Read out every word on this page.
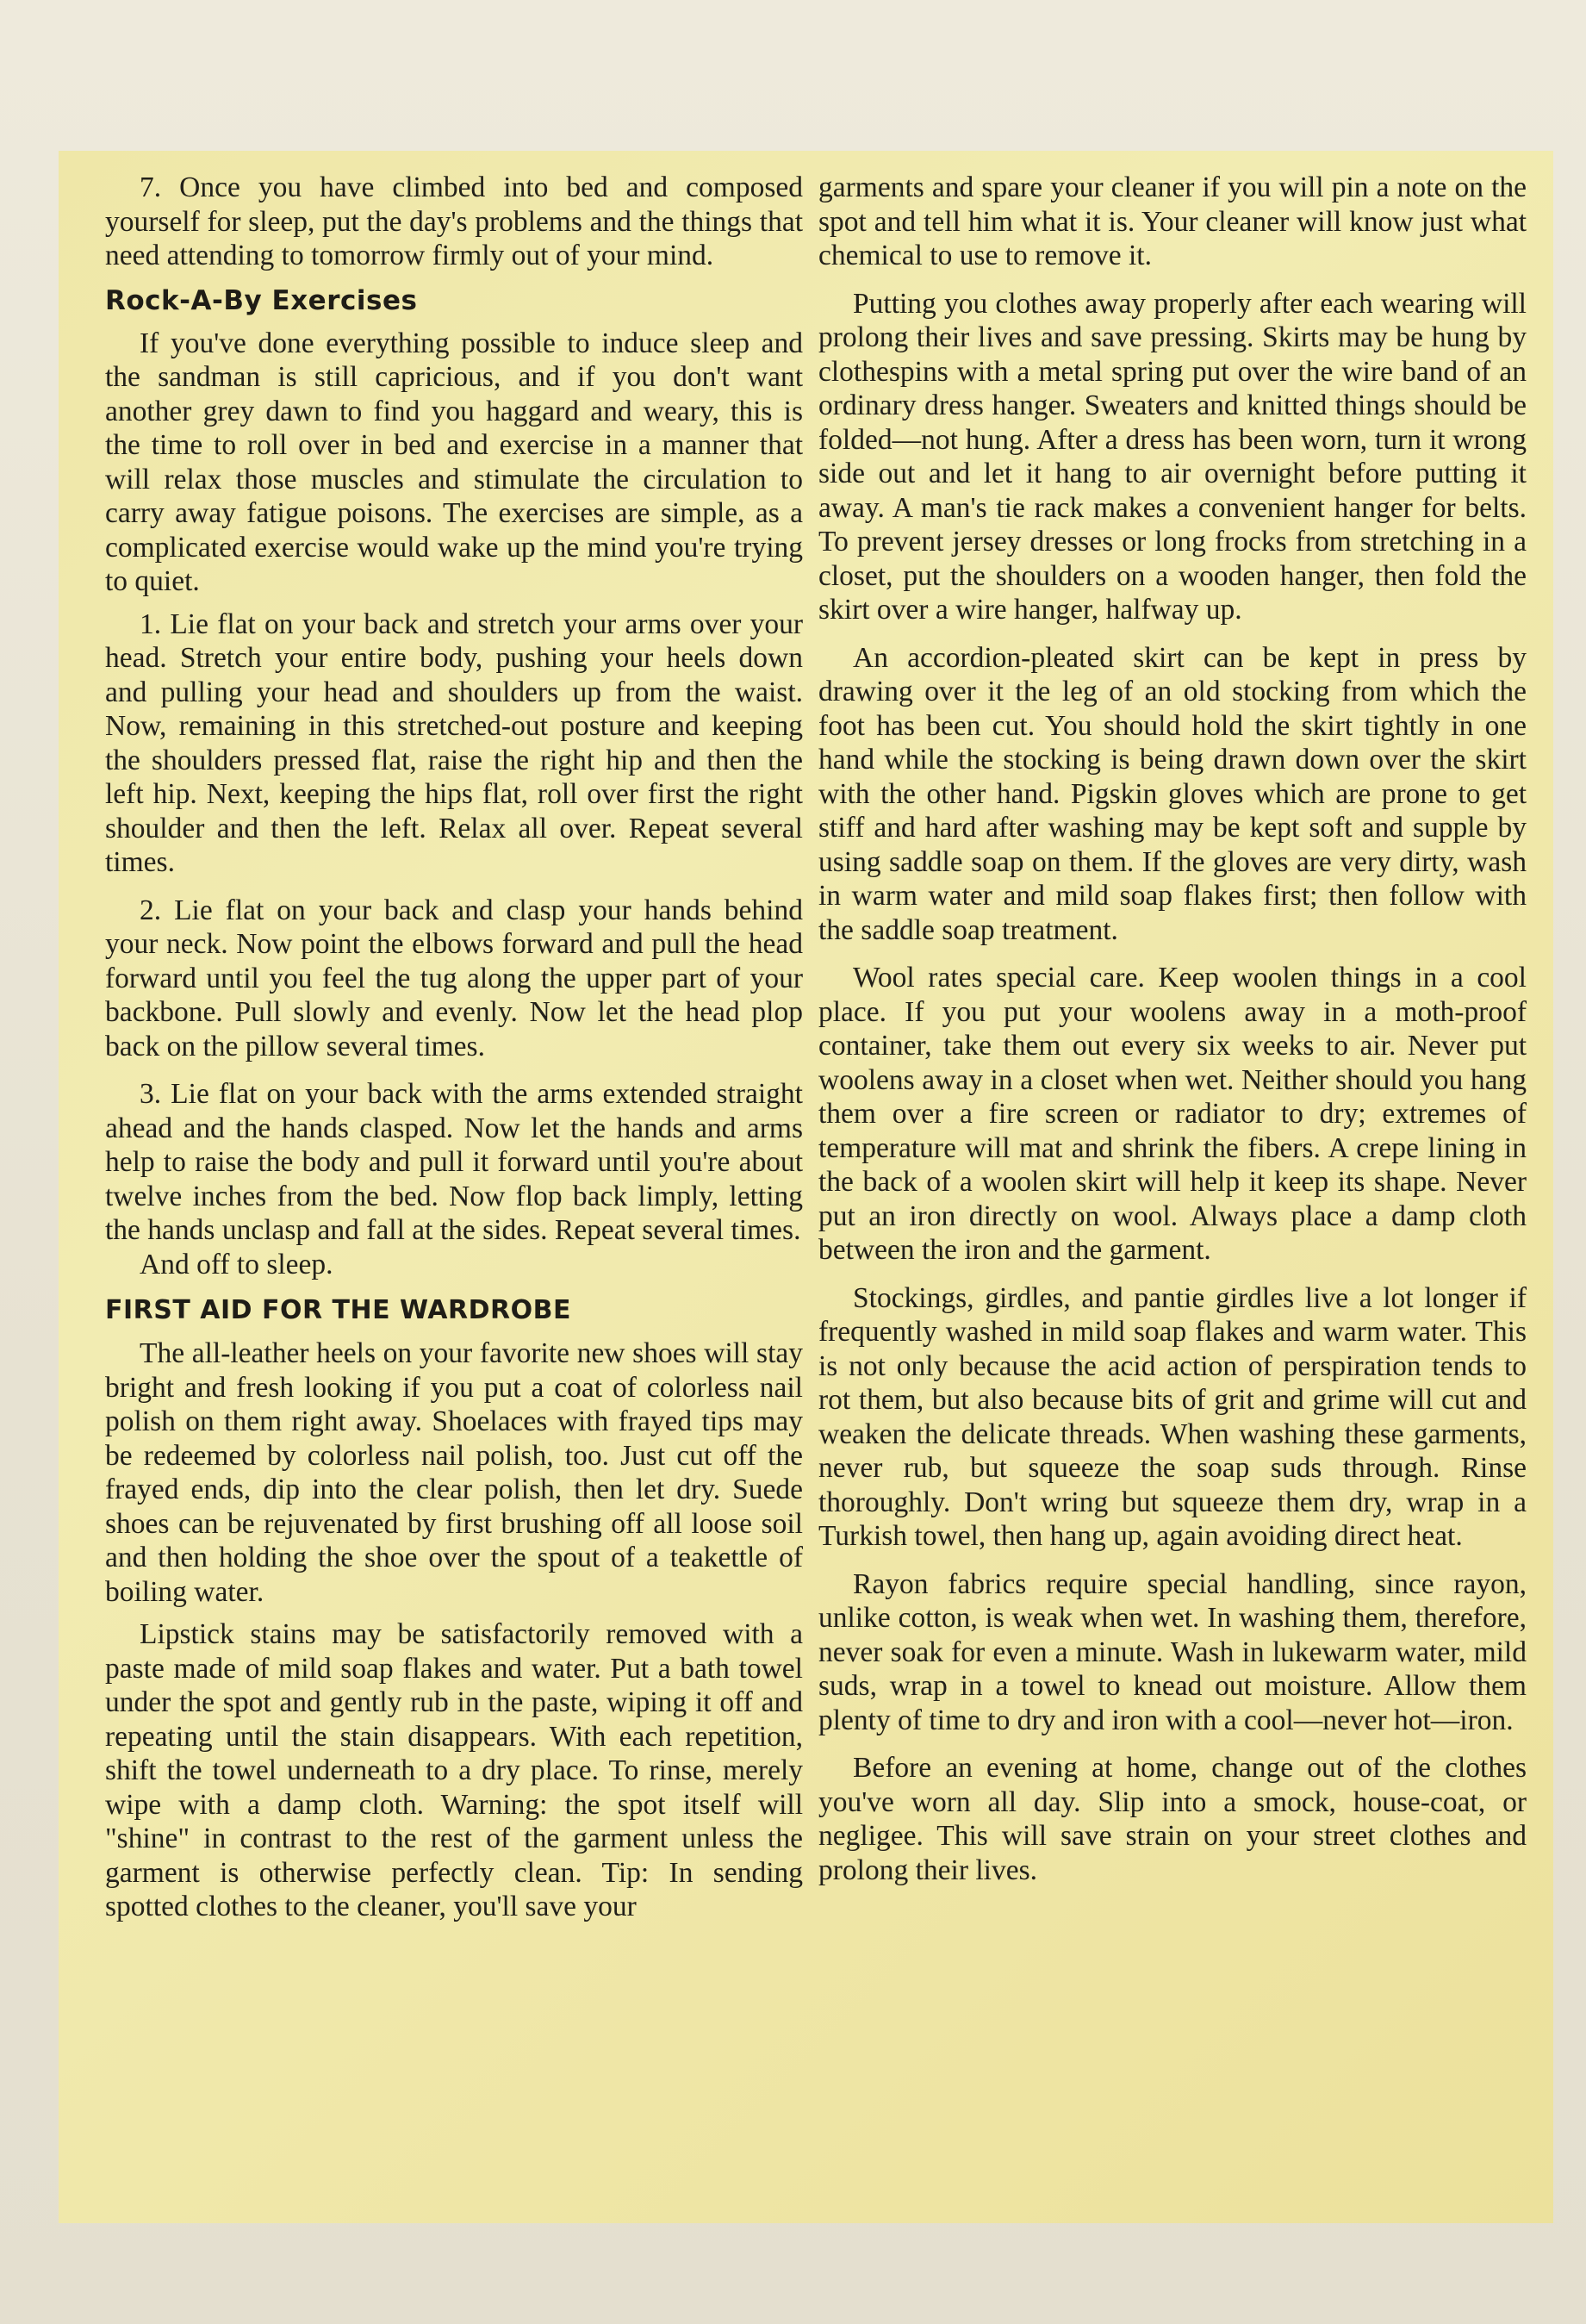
7. Once you have climbed into bed and composed yourself for sleep, put the day's problems and the things that need attending to tomorrow firmly out of your mind.

Rock-A-By Exercises

If you've done everything possible to induce sleep and the sandman is still capricious, and if you don't want another grey dawn to find you haggard and weary, this is the time to roll over in bed and exercise in a manner that will relax those muscles and stimulate the circulation to carry away fatigue poisons. The exercises are simple, as a complicated exercise would wake up the mind you're trying to quiet.

1. Lie flat on your back and stretch your arms over your head. Stretch your entire body, pushing your heels down and pulling your head and shoulders up from the waist. Now, remaining in this stretched-out posture and keeping the shoulders pressed flat, raise the right hip and then the left hip. Next, keeping the hips flat, roll over first the right shoulder and then the left. Relax all over. Repeat several times.

2. Lie flat on your back and clasp your hands behind your neck. Now point the elbows forward and pull the head forward until you feel the tug along the upper part of your backbone. Pull slowly and evenly. Now let the head plop back on the pillow several times.

3. Lie flat on your back with the arms extended straight ahead and the hands clasped. Now let the hands and arms help to raise the body and pull it forward until you're about twelve inches from the bed. Now flop back limply, letting the hands unclasp and fall at the sides. Repeat several times.

And off to sleep.

FIRST AID FOR THE WARDROBE

The all-leather heels on your favorite new shoes will stay bright and fresh looking if you put a coat of colorless nail polish on them right away. Shoelaces with frayed tips may be redeemed by colorless nail polish, too. Just cut off the frayed ends, dip into the clear polish, then let dry. Suede shoes can be rejuvenated by first brushing off all loose soil and then holding the shoe over the spout of a teakettle of boiling water.

Lipstick stains may be satisfactorily removed with a paste made of mild soap flakes and water. Put a bath towel under the spot and gently rub in the paste, wiping it off and repeating until the stain disappears. With each repetition, shift the towel underneath to a dry place. To rinse, merely wipe with a damp cloth. Warning: the spot itself will "shine" in contrast to the rest of the garment unless the garment is otherwise perfectly clean. Tip: In sending spotted clothes to the cleaner, you'll save your

garments and spare your cleaner if you will pin a note on the spot and tell him what it is. Your cleaner will know just what chemical to use to remove it.

Putting you clothes away properly after each wearing will prolong their lives and save pressing. Skirts may be hung by clothespins with a metal spring put over the wire band of an ordinary dress hanger. Sweaters and knitted things should be folded—not hung. After a dress has been worn, turn it wrong side out and let it hang to air overnight before putting it away. A man's tie rack makes a convenient hanger for belts. To prevent jersey dresses or long frocks from stretching in a closet, put the shoulders on a wooden hanger, then fold the skirt over a wire hanger, halfway up.

An accordion-pleated skirt can be kept in press by drawing over it the leg of an old stocking from which the foot has been cut. You should hold the skirt tightly in one hand while the stocking is being drawn down over the skirt with the other hand. Pigskin gloves which are prone to get stiff and hard after washing may be kept soft and supple by using saddle soap on them. If the gloves are very dirty, wash in warm water and mild soap flakes first; then follow with the saddle soap treatment.

Wool rates special care. Keep woolen things in a cool place. If you put your woolens away in a moth-proof container, take them out every six weeks to air. Never put woolens away in a closet when wet. Neither should you hang them over a fire screen or radiator to dry; extremes of temperature will mat and shrink the fibers. A crepe lining in the back of a woolen skirt will help it keep its shape. Never put an iron directly on wool. Always place a damp cloth between the iron and the garment.

Stockings, girdles, and pantie girdles live a lot longer if frequently washed in mild soap flakes and warm water. This is not only because the acid action of perspiration tends to rot them, but also because bits of grit and grime will cut and weaken the delicate threads. When washing these garments, never rub, but squeeze the soap suds through. Rinse thoroughly. Don't wring but squeeze them dry, wrap in a Turkish towel, then hang up, again avoiding direct heat.

Rayon fabrics require special handling, since rayon, unlike cotton, is weak when wet. In washing them, therefore, never soak for even a minute. Wash in lukewarm water, mild suds, wrap in a towel to knead out moisture. Allow them plenty of time to dry and iron with a cool—never hot—iron.

Before an evening at home, change out of the clothes you've worn all day. Slip into a smock, house-coat, or negligee. This will save strain on your street clothes and prolong their lives.
